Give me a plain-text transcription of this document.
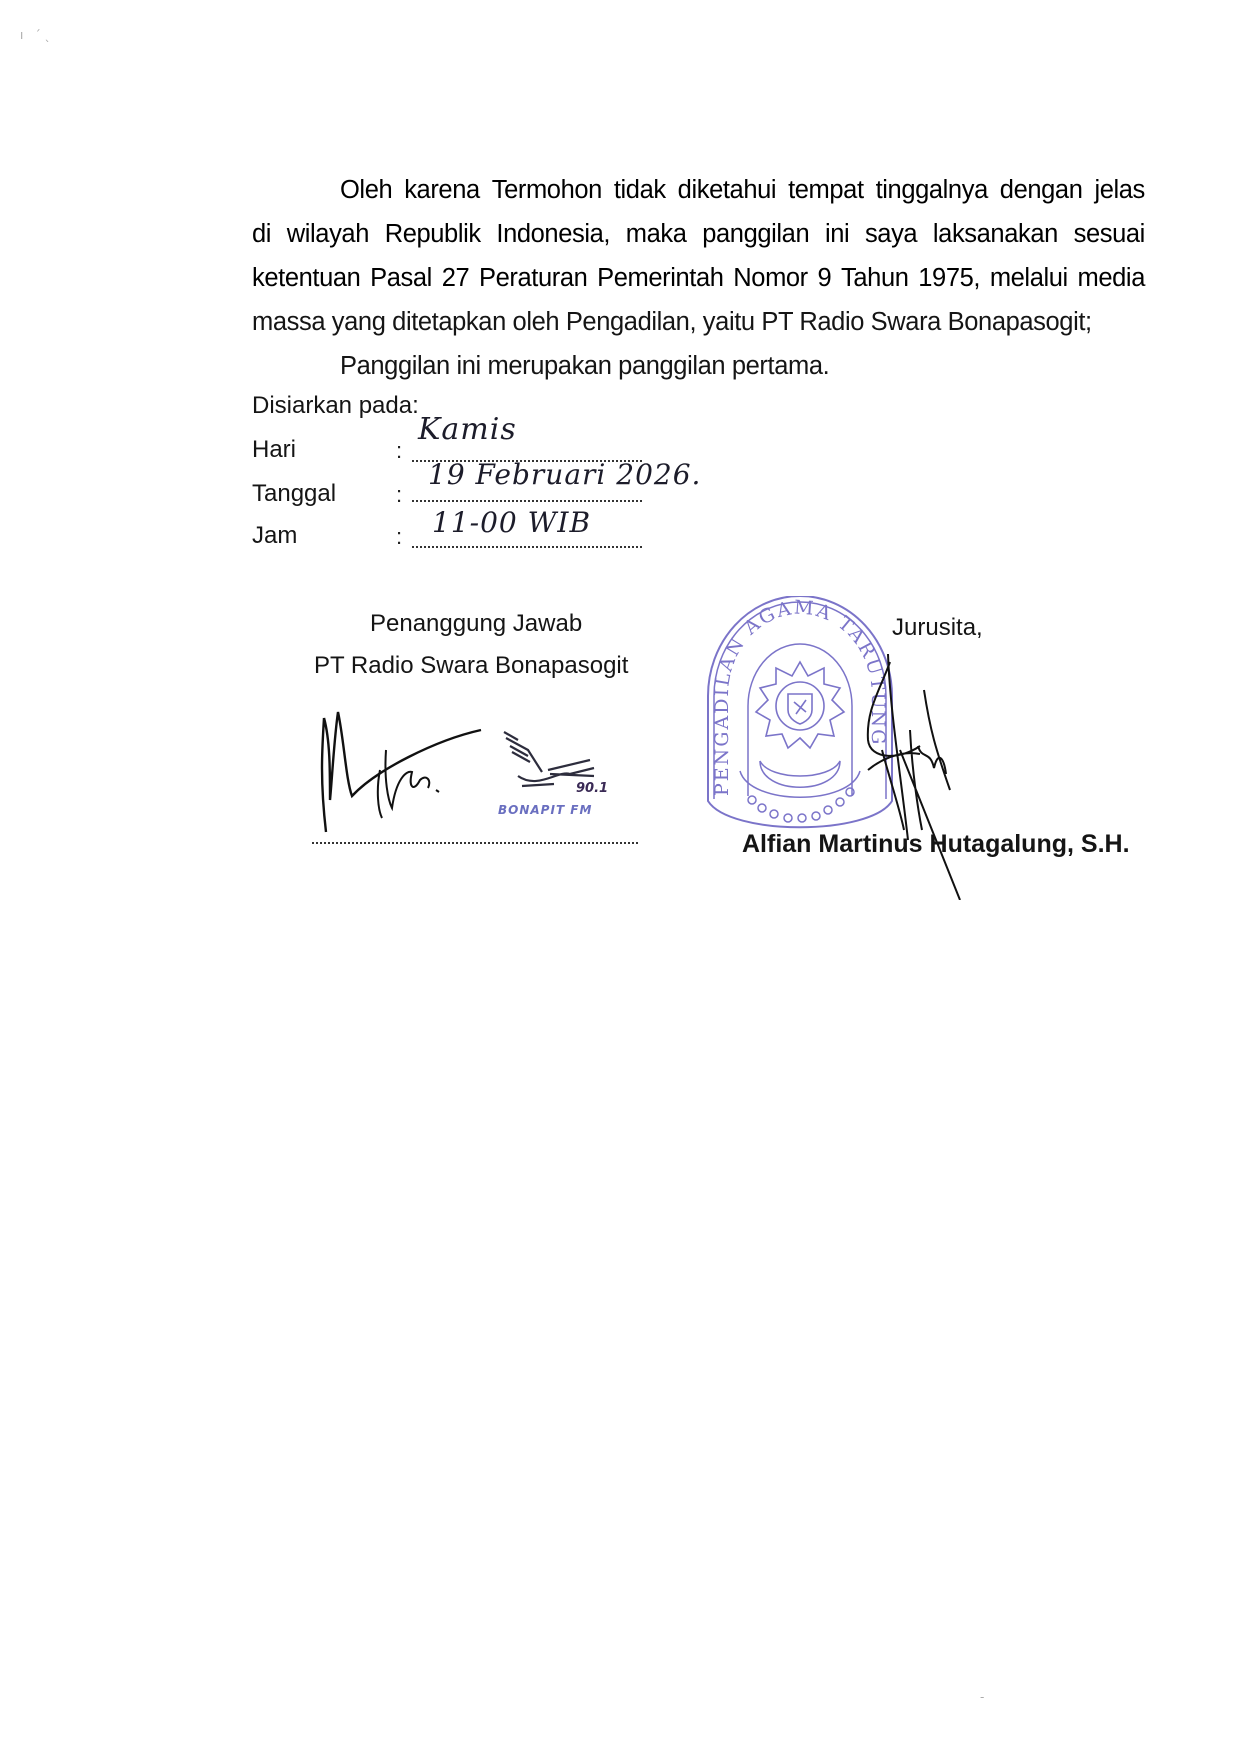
ı   ˊ ˎ
Oleh karena Termohon tidak diketahui tempat tinggalnya dengan jelas
di wilayah Republik Indonesia, maka panggilan ini saya laksanakan sesuai
ketentuan Pasal 27 Peraturan Pemerintah Nomor 9 Tahun 1975, melalui media
massa yang ditetapkan oleh Pengadilan, yaitu PT Radio Swara Bonapasogit;
Panggilan ini merupakan panggilan pertama.
Disiarkan pada:
Hari	:
Kamis
Tanggal	:
19 Februari 2026.
Jam	: 11-00 WIB
Penanggung Jawab
PT Radio Swara Bonapasogit
90.1
BONAPIT FM
PENGADILAN AGAMA TARUTUNG
Jurusita,
Alfian Martinus Hutagalung, S.H.
-
